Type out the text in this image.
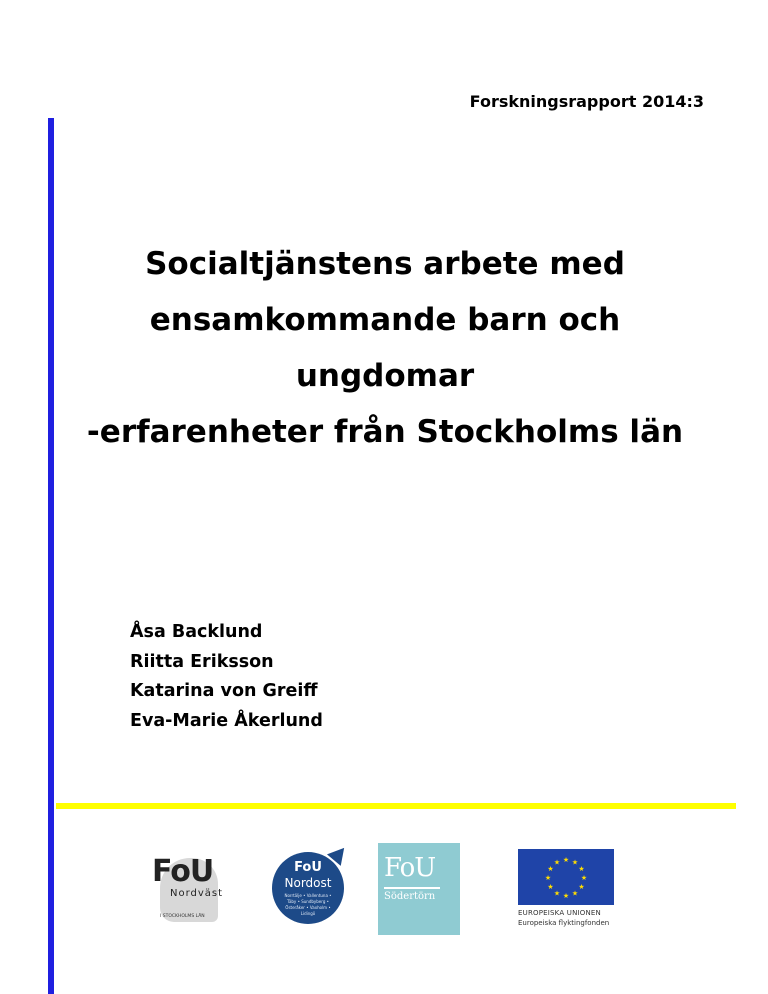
Forskningsrapport 2014:3
Socialtjänstens arbete med
ensamkommande barn och
ungdomar
-erfarenheter från Stockholms län
Åsa Backlund
Riitta Eriksson
Katarina von Greiff
Eva-Marie Åkerlund
FoU
Nordväst
I STOCKHOLMS LÄN
FoU
Nordost
Norrtälje • Vallentuna • Täby • Sundbyberg • Österåker • Vaxholm • Lidingö
FoU
Södertörn
★ ★
★
★
★
★
★
★
★
★
★
★
EUROPEISKA UNIONEN
Europeiska flyktingfonden
